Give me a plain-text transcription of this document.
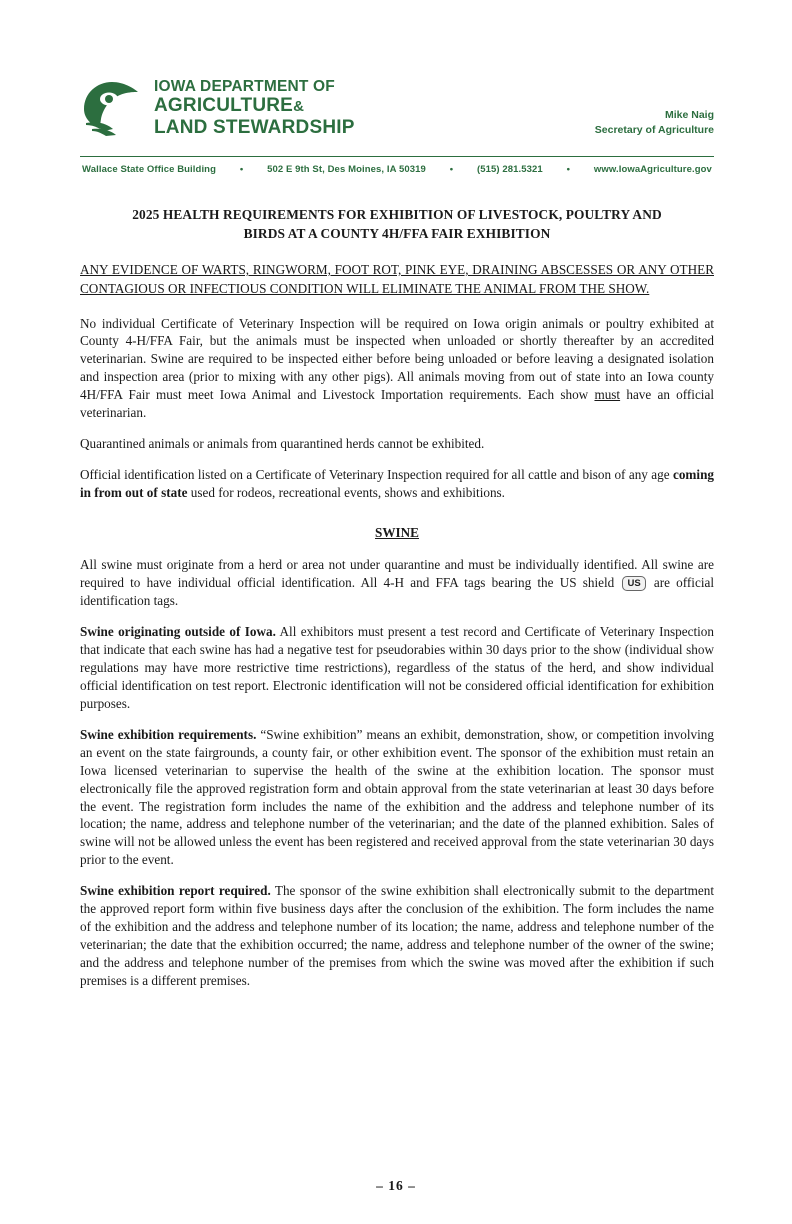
IOWA DEPARTMENT OF
AGRICULTURE&
LAND STEWARDSHIP
Mike Naig
Secretary of Agriculture
Wallace State Office Building	•	502 E 9th St, Des Moines, IA 50319	•	(515) 281.5321	•	www.IowaAgriculture.gov
2025 HEALTH REQUIREMENTS FOR EXHIBITION OF LIVESTOCK, POULTRY AND
BIRDS AT A COUNTY 4H/FFA FAIR EXHIBITION

ANY EVIDENCE OF WARTS, RINGWORM, FOOT ROT, PINK EYE, DRAINING ABSCESSES OR ANY OTHER CONTAGIOUS OR INFECTIOUS CONDITION WILL ELIMINATE THE ANIMAL FROM THE SHOW.

No individual Certificate of Veterinary Inspection will be required on Iowa origin animals or poultry exhibited at County 4-H/FFA Fair, but the animals must be inspected when unloaded or shortly thereafter by an accredited veterinarian. Swine are required to be inspected either before being unloaded or before leaving a designated isolation and inspection area (prior to mixing with any other pigs). All animals moving from out of state into an Iowa county 4H/FFA Fair must meet Iowa Animal and Livestock Importation requirements. Each show must have an official veterinarian.

Quarantined animals or animals from quarantined herds cannot be exhibited.

Official identification listed on a Certificate of Veterinary Inspection required for all cattle and bison of any age coming in from out of state used for rodeos, recreational events, shows and exhibitions.

SWINE

All swine must originate from a herd or area not under quarantine and must be individually identified. All swine are required to have individual official identification. All 4-H and FFA tags bearing the US shield US are official identification tags.

Swine originating outside of Iowa. All exhibitors must present a test record and Certificate of Veterinary Inspection that indicate that each swine has had a negative test for pseudorabies within 30 days prior to the show (individual show regulations may have more restrictive time restrictions), regardless of the status of the herd, and show individual official identification on test report. Electronic identification will not be considered official identification for exhibition purposes.

Swine exhibition requirements. “Swine exhibition” means an exhibit, demonstration, show, or competition involving an event on the state fairgrounds, a county fair, or other exhibition event. The sponsor of the exhibition must retain an Iowa licensed veterinarian to supervise the health of the swine at the exhibition location. The sponsor must electronically file the approved registration form and obtain approval from the state veterinarian at least 30 days before the event. The registration form includes the name of the exhibition and the address and telephone number of its location; the name, address and telephone number of the veterinarian; and the date of the planned exhibition. Sales of swine will not be allowed unless the event has been registered and received approval from the state veterinarian 30 days prior to the event.

Swine exhibition report required. The sponsor of the swine exhibition shall electronically submit to the department the approved report form within five business days after the conclusion of the exhibition. The form includes the name of the exhibition and the address and telephone number of its location; the name, address and telephone number of the veterinarian; the date that the exhibition occurred; the name, address and telephone number of the owner of the swine; and the address and telephone number of the premises from which the swine was moved after the exhibition if such premises is a different premises.

– 16 –
